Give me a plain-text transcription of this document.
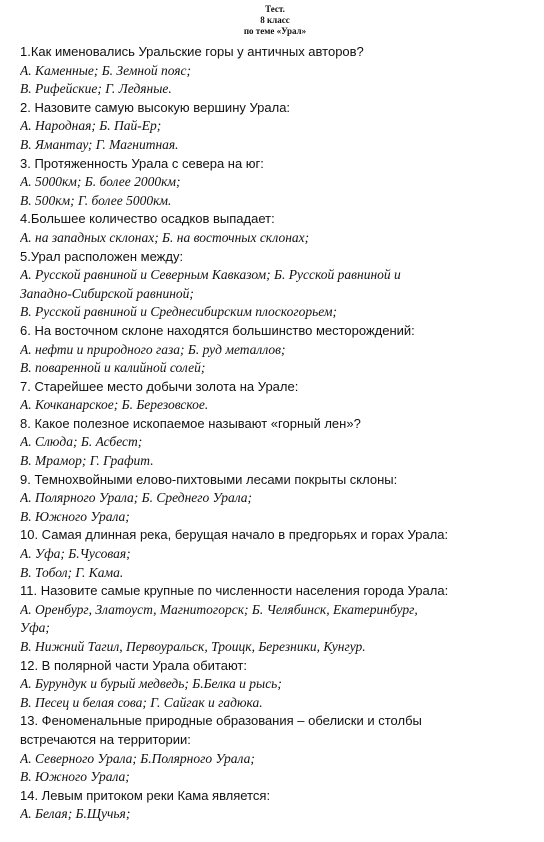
Тест.
8 класс
по теме «Урал»
1.Как именовались Уральские горы у античных авторов?
А. Каменные; Б. Земной пояс;
В. Рифейские; Г. Ледяные.
2. Назовите самую высокую вершину Урала:
А. Народная; Б. Пай-Ер;
В. Ямантау; Г. Магнитная.
3. Протяженность Урала с севера на юг:
А. 5000км; Б. более 2000км;
В. 500км; Г. более 5000км.
4.Большее количество осадков выпадает:
А. на западных склонах; Б. на восточных склонах;
5.Урал расположен между:
А. Русской равниной и Северным Кавказом; Б. Русской равниной и
Западно-Сибирской равниной;
В. Русской равниной и Среднесибирским плоскогорьем;
6. На восточном склоне находятся большинство месторождений:
А. нефти и природного газа; Б. руд металлов;
В. поваренной и калийной солей;
7. Старейшее место добычи золота на Урале:
А. Кочканарское; Б. Березовское.
8. Какое полезное ископаемое называют «горный лен»?
А. Слюда; Б. Асбест;
В. Мрамор; Г. Графит.
9. Темнохвойными елово-пихтовыми лесами покрыты склоны:
А. Полярного Урала; Б. Среднего Урала;
В. Южного Урала;
10. Самая длинная река, берущая начало в предгорьях и горах Урала:
А. Уфа; Б.Чусовая;
В. Тобол; Г. Кама.
11. Назовите самые крупные по численности населения города Урала:
А. Оренбург, Златоуст, Магнитогорск; Б. Челябинск, Екатеринбург,
Уфа;
В. Нижний Тагил, Первоуральск, Троицк, Березники, Кунгур.
12. В полярной части Урала обитают:
А. Бурундук и бурый медведь; Б.Белка и рысь;
В. Песец и белая сова; Г. Сайгак и гадюка.
13. Феноменальные природные образования – обелиски и столбы
встречаются на территории:
А. Северного Урала; Б.Полярного Урала;
В. Южного Урала;
14. Левым притоком реки Кама является:
А. Белая; Б.Щучья;
